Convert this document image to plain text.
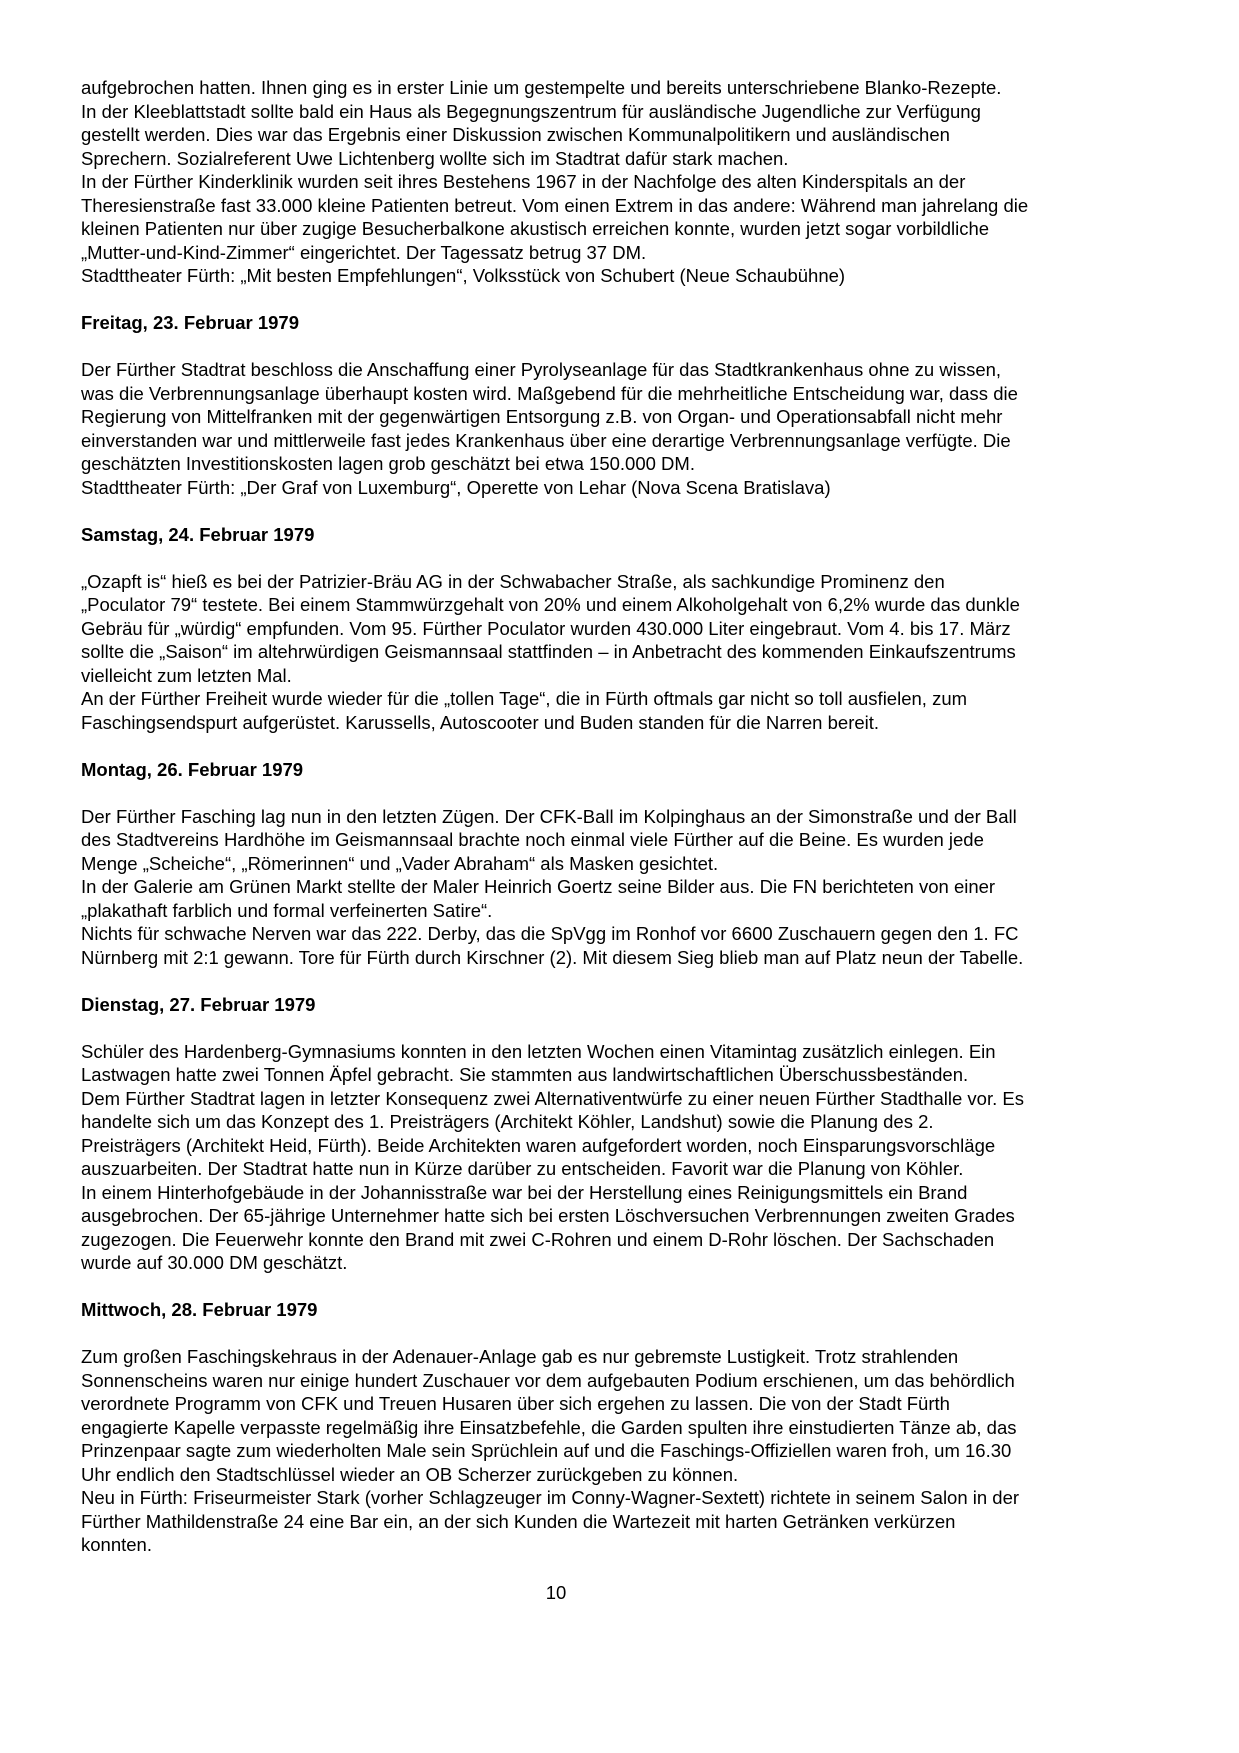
aufgebrochen hatten. Ihnen ging es in erster Linie um gestempelte und bereits unterschriebene Blanko-Rezepte.

In der Kleeblattstadt sollte bald ein Haus als Begegnungszentrum für ausländische Jugendliche zur Verfügung gestellt werden. Dies war das Ergebnis einer Diskussion zwischen Kommunalpolitikern und ausländischen Sprechern. Sozialreferent Uwe Lichtenberg wollte sich im Stadtrat dafür stark machen.

In der Fürther Kinderklinik wurden seit ihres Bestehens 1967 in der Nachfolge des alten Kinderspitals an der Theresienstraße fast 33.000 kleine Patienten betreut. Vom einen Extrem in das andere: Während man jahrelang die kleinen Patienten nur über zugige Besucherbalkone akustisch erreichen konnte, wurden jetzt sogar vorbildliche „Mutter-und-Kind-Zimmer“ eingerichtet. Der Tagessatz betrug 37 DM.

Stadttheater Fürth: „Mit besten Empfehlungen“, Volksstück von Schubert (Neue Schaubühne)

Freitag, 23. Februar 1979

Der Fürther Stadtrat beschloss die Anschaffung einer Pyrolyseanlage für das Stadtkrankenhaus ohne zu wissen, was die Verbrennungsanlage überhaupt kosten wird. Maßgebend für die mehrheitliche Entscheidung war, dass die Regierung von Mittelfranken mit der gegenwärtigen Entsorgung z.B. von Organ- und Operationsabfall nicht mehr einverstanden war und mittlerweile fast jedes Krankenhaus über eine derartige Verbrennungsanlage verfügte. Die geschätzten Investitionskosten lagen grob geschätzt bei etwa 150.000 DM.

Stadttheater Fürth: „Der Graf von Luxemburg“, Operette von Lehar (Nova Scena Bratislava)

Samstag, 24. Februar 1979

„Ozapft is“ hieß es bei der Patrizier-Bräu AG in der Schwabacher Straße, als sachkundige Prominenz den „Poculator 79“ testete. Bei einem Stammwürzgehalt von 20% und einem Alkoholgehalt von 6,2% wurde das dunkle Gebräu für „würdig“ empfunden. Vom 95. Fürther Poculator wurden 430.000 Liter eingebraut. Vom 4. bis 17. März sollte die „Saison“ im altehrwürdigen Geismannsaal stattfinden – in Anbetracht des kommenden Einkaufszentrums vielleicht zum letzten Mal.

An der Fürther Freiheit wurde wieder für die „tollen Tage“, die in Fürth oftmals gar nicht so toll ausfielen, zum Faschingsendspurt aufgerüstet. Karussells, Autoscooter und Buden standen für die Narren bereit.

Montag, 26. Februar 1979

Der Fürther Fasching lag nun in den letzten Zügen. Der CFK-Ball im Kolpinghaus an der Simonstraße und der Ball des Stadtvereins Hardhöhe im Geismannsaal brachte noch einmal viele Fürther auf die Beine. Es wurden jede Menge „Scheiche“, „Römerinnen“ und „Vader Abraham“ als Masken gesichtet.

In der Galerie am Grünen Markt stellte der Maler Heinrich Goertz seine Bilder aus. Die FN berichteten von einer „plakathaft farblich und formal verfeinerten Satire“.

Nichts für schwache Nerven war das 222. Derby, das die SpVgg im Ronhof vor 6600 Zuschauern gegen den 1. FC Nürnberg mit 2:1 gewann. Tore für Fürth durch Kirschner (2). Mit diesem Sieg blieb man auf Platz neun der Tabelle.

Dienstag, 27. Februar 1979

Schüler des Hardenberg-Gymnasiums konnten in den letzten Wochen einen Vitamintag zusätzlich einlegen. Ein Lastwagen hatte zwei Tonnen Äpfel gebracht. Sie stammten aus landwirtschaftlichen Überschussbeständen.

Dem Fürther Stadtrat lagen in letzter Konsequenz zwei Alternativentwürfe zu einer neuen Fürther Stadthalle vor. Es handelte sich um das Konzept des 1. Preisträgers (Architekt Köhler, Landshut) sowie die Planung des 2. Preisträgers (Architekt Heid, Fürth). Beide Architekten waren aufgefordert worden, noch Einsparungsvorschläge auszuarbeiten. Der Stadtrat hatte nun in Kürze darüber zu entscheiden. Favorit war die Planung von Köhler.

In einem Hinterhofgebäude in der Johannisstraße war bei der Herstellung eines Reinigungsmittels ein Brand ausgebrochen. Der 65-jährige Unternehmer hatte sich bei ersten Löschversuchen Verbrennungen zweiten Grades zugezogen. Die Feuerwehr konnte den Brand mit zwei C-Rohren und einem D-Rohr löschen. Der Sachschaden wurde auf 30.000 DM geschätzt.

Mittwoch, 28. Februar 1979

Zum großen Faschingskehraus in der Adenauer-Anlage gab es nur gebremste Lustigkeit. Trotz strahlenden Sonnenscheins waren nur einige hundert Zuschauer vor dem aufgebauten Podium erschienen, um das behördlich verordnete Programm von CFK und Treuen Husaren über sich ergehen zu lassen. Die von der Stadt Fürth engagierte Kapelle verpasste regelmäßig ihre Einsatzbefehle, die Garden spulten ihre einstudierten Tänze ab, das Prinzenpaar sagte zum wiederholten Male sein Sprüchlein auf und die Faschings-Offiziellen waren froh, um 16.30 Uhr endlich den Stadtschlüssel wieder an OB Scherzer zurückgeben zu können.

Neu in Fürth: Friseurmeister Stark (vorher Schlagzeuger im Conny-Wagner-Sextett) richtete in seinem Salon in der Fürther Mathildenstraße 24 eine Bar ein, an der sich Kunden die Wartezeit mit harten Getränken verkürzen konnten.

10
